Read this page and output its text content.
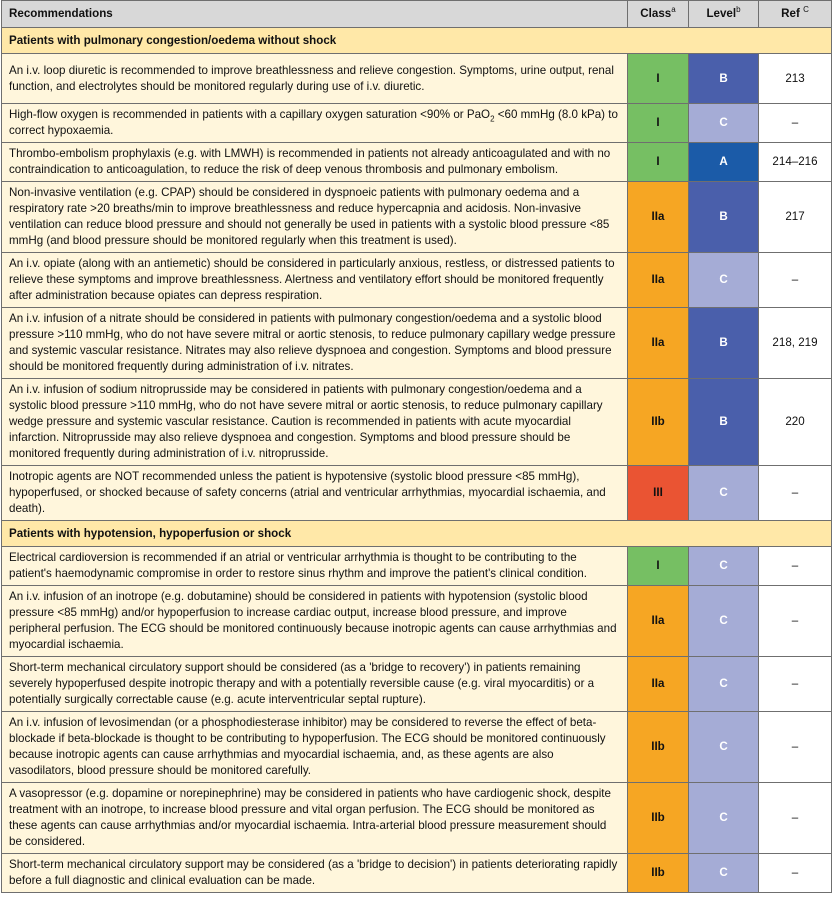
Recommendations	Class$^a$	Level$^b$	Ref $^C$
Patients with pulmonary congestion/oedema without shock			
An i.v. loop diuretic is recommended to improve breathlessness and relieve congestion. Symptoms, urine output, renal function, and electrolytes should be monitored regularly during use of i.v. diuretic.	I	B	213
High-flow oxygen is recommended in patients with a capillary oxygen saturation <90% or PaO$_2$ <60 mmHg (8.0 kPa) to correct hypoxaemia.	I	C	–
Thrombo-embolism prophylaxis (e.g. with LMWH) is recommended in patients not already anticoagulated and with no contraindication to anticoagulation, to reduce the risk of deep venous thrombosis and pulmonary embolism.	I	A	214–216
Non-invasive ventilation (e.g. CPAP) should be considered in dyspnoeic patients with pulmonary oedema and a respiratory rate >20 breaths/min to improve breathlessness and reduce hypercapnia and acidosis. Non-invasive ventilation can reduce blood pressure and should not generally be used in patients with a systolic blood pressure <85 mmHg (and blood pressure should be monitored regularly when this treatment is used).	IIa	B	217
An i.v. opiate (along with an antiemetic) should be considered in particularly anxious, restless, or distressed patients to relieve these symptoms and improve breathlessness. Alertness and ventilatory effort should be monitored frequently after administration because opiates can depress respiration.	IIa	C	–
An i.v. infusion of a nitrate should be considered in patients with pulmonary congestion/oedema and a systolic blood pressure >110 mmHg, who do not have severe mitral or aortic stenosis, to reduce pulmonary capillary wedge pressure and systemic vascular resistance. Nitrates may also relieve dyspnoea and congestion. Symptoms and blood pressure should be monitored frequently during administration of i.v. nitrates.	IIa	B	218, 219
An i.v. infusion of sodium nitroprusside may be considered in patients with pulmonary congestion/oedema and a systolic blood pressure >110 mmHg, who do not have severe mitral or aortic stenosis, to reduce pulmonary capillary wedge pressure and systemic vascular resistance. Caution is recommended in patients with acute myocardial infarction. Nitroprusside may also relieve dyspnoea and congestion. Symptoms and blood pressure should be monitored frequently during administration of i.v. nitroprusside.	IIb	B	220
Inotropic agents are NOT recommended unless the patient is hypotensive (systolic blood pressure <85 mmHg), hypoperfused, or shocked because of safety concerns (atrial and ventricular arrhythmias, myocardial ischaemia, and death).	III	C	–
Patients with hypotension, hypoperfusion or shock			
Electrical cardioversion is recommended if an atrial or ventricular arrhythmia is thought to be contributing to the patient's haemodynamic compromise in order to restore sinus rhythm and improve the patient's clinical condition.	I	C	–
An i.v. infusion of an inotrope (e.g. dobutamine) should be considered in patients with hypotension (systolic blood pressure <85 mmHg) and/or hypoperfusion to increase cardiac output, increase blood pressure, and improve peripheral perfusion. The ECG should be monitored continuously because inotropic agents can cause arrhythmias and myocardial ischaemia.	IIa	C	–
Short-term mechanical circulatory support should be considered (as a 'bridge to recovery') in patients remaining severely hypoperfused despite inotropic therapy and with a potentially reversible cause (e.g. viral myocarditis) or a potentially surgically correctable cause (e.g. acute interventricular septal rupture).	IIa	C	–
An i.v. infusion of levosimendan (or a phosphodiesterase inhibitor) may be considered to reverse the effect of beta-blockade if beta-blockade is thought to be contributing to hypoperfusion. The ECG should be monitored continuously because inotropic agents can cause arrhythmias and myocardial ischaemia, and, as these agents are also vasodilators, blood pressure should be monitored carefully.	IIb	C	–
A vasopressor (e.g. dopamine or norepinephrine) may be considered in patients who have cardiogenic shock, despite treatment with an inotrope, to increase blood pressure and vital organ perfusion. The ECG should be monitored as these agents can cause arrhythmias and/or myocardial ischaemia. Intra-arterial blood pressure measurement should be considered.	IIb	C	–
Short-term mechanical circulatory support may be considered (as a 'bridge to decision') in patients deteriorating rapidly before a full diagnostic and clinical evaluation can be made.	IIb	C	–
